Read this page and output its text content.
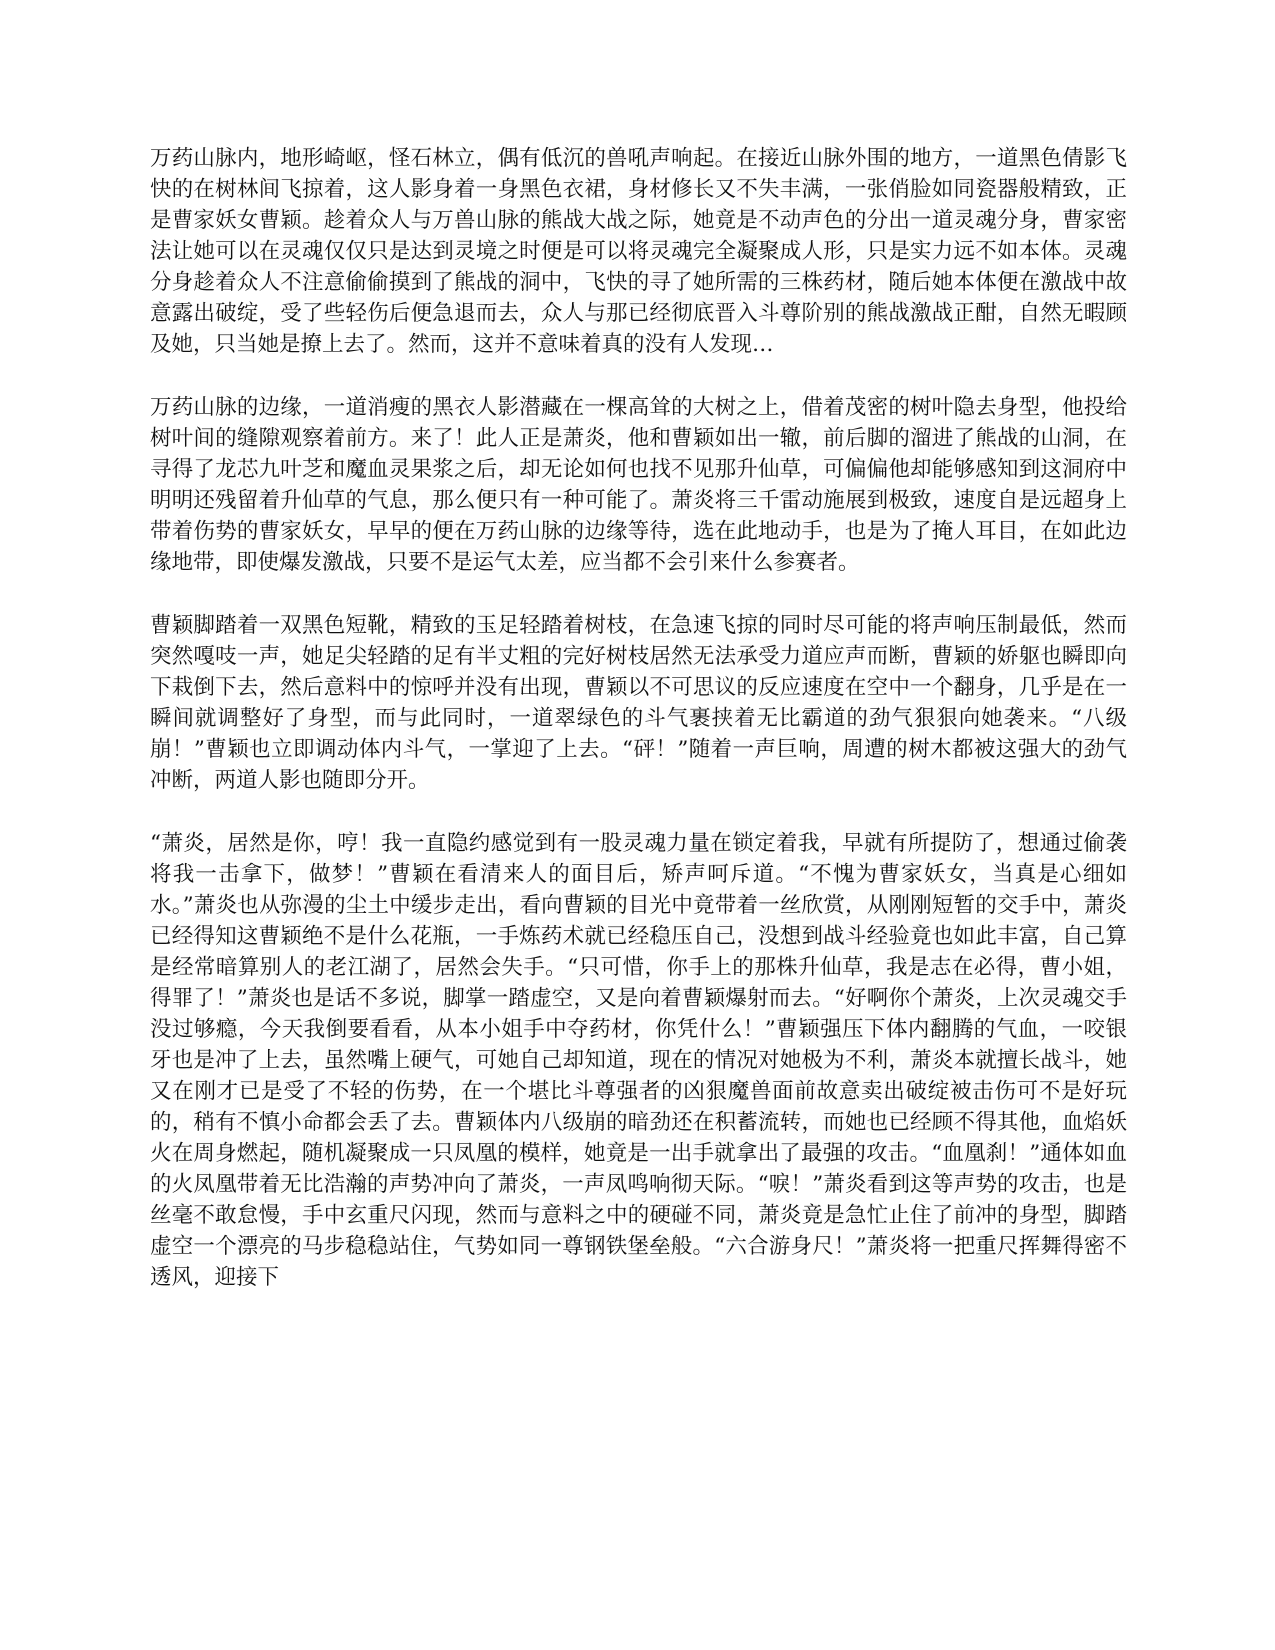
万药山脉内，地形崎岖，怪石林立，偶有低沉的兽吼声响起。在接近山脉外围的地方，一道黑色倩影飞快的在树林间飞掠着，这人影身着一身黑色衣裙，身材修长又不失丰满，一张俏脸如同瓷器般精致，正是曹家妖女曹颖。趁着众人与万兽山脉的熊战大战之际，她竟是不动声色的分出一道灵魂分身，曹家密法让她可以在灵魂仅仅只是达到灵境之时便是可以将灵魂完全凝聚成人形，只是实力远不如本体。灵魂分身趁着众人不注意偷偷摸到了熊战的洞中，飞快的寻了她所需的三株药材，随后她本体便在激战中故意露出破绽，受了些轻伤后便急退而去，众人与那已经彻底晋入斗尊阶别的熊战激战正酣，自然无暇顾及她，只当她是撩上去了。然而，这并不意味着真的没有人发现…

万药山脉的边缘，一道消瘦的黑衣人影潜藏在一棵高耸的大树之上，借着茂密的树叶隐去身型，他投给树叶间的缝隙观察着前方。来了！此人正是萧炎，他和曹颖如出一辙，前后脚的溜进了熊战的山洞，在寻得了龙芯九叶芝和魔血灵果浆之后，却无论如何也找不见那升仙草，可偏偏他却能够感知到这洞府中明明还残留着升仙草的气息，那么便只有一种可能了。萧炎将三千雷动施展到极致，速度自是远超身上带着伤势的曹家妖女，早早的便在万药山脉的边缘等待，选在此地动手，也是为了掩人耳目，在如此边缘地带，即使爆发激战，只要不是运气太差，应当都不会引来什么参赛者。

曹颖脚踏着一双黑色短靴，精致的玉足轻踏着树枝，在急速飞掠的同时尽可能的将声响压制最低，然而突然嘎吱一声，她足尖轻踏的足有半丈粗的完好树枝居然无法承受力道应声而断，曹颖的娇躯也瞬即向下栽倒下去，然后意料中的惊呼并没有出现，曹颖以不可思议的反应速度在空中一个翻身，几乎是在一瞬间就调整好了身型，而与此同时，一道翠绿色的斗气裹挟着无比霸道的劲气狠狠向她袭来。“八级崩！”曹颖也立即调动体内斗气，一掌迎了上去。“砰！”随着一声巨响，周遭的树木都被这强大的劲气冲断，两道人影也随即分开。

“萧炎，居然是你，哼！我一直隐约感觉到有一股灵魂力量在锁定着我，早就有所提防了，想通过偷袭将我一击拿下，做梦！”曹颖在看清来人的面目后，矫声呵斥道。“不愧为曹家妖女，当真是心细如水。”萧炎也从弥漫的尘土中缓步走出，看向曹颖的目光中竟带着一丝欣赏，从刚刚短暂的交手中，萧炎已经得知这曹颖绝不是什么花瓶，一手炼药术就已经稳压自己，没想到战斗经验竟也如此丰富，自己算是经常暗算别人的老江湖了，居然会失手。“只可惜，你手上的那株升仙草，我是志在必得，曹小姐，得罪了！”萧炎也是话不多说，脚掌一踏虚空，又是向着曹颖爆射而去。“好啊你个萧炎，上次灵魂交手没过够瘾，今天我倒要看看，从本小姐手中夺药材，你凭什么！”曹颖强压下体内翻腾的气血，一咬银牙也是冲了上去，虽然嘴上硬气，可她自己却知道，现在的情况对她极为不利，萧炎本就擅长战斗，她又在刚才已是受了不轻的伤势，在一个堪比斗尊强者的凶狠魔兽面前故意卖出破绽被击伤可不是好玩的，稍有不慎小命都会丢了去。曹颖体内八级崩的暗劲还在积蓄流转，而她也已经顾不得其他，血焰妖火在周身燃起，随机凝聚成一只凤凰的模样，她竟是一出手就拿出了最强的攻击。“血凰刹！”通体如血的火凤凰带着无比浩瀚的声势冲向了萧炎，一声凤鸣响彻天际。“唳！”萧炎看到这等声势的攻击，也是丝毫不敢怠慢，手中玄重尺闪现，然而与意料之中的硬碰不同，萧炎竟是急忙止住了前冲的身型，脚踏虚空一个漂亮的马步稳稳站住，气势如同一尊钢铁堡垒般。“六合游身尺！”萧炎将一把重尺挥舞得密不透风，迎接下
